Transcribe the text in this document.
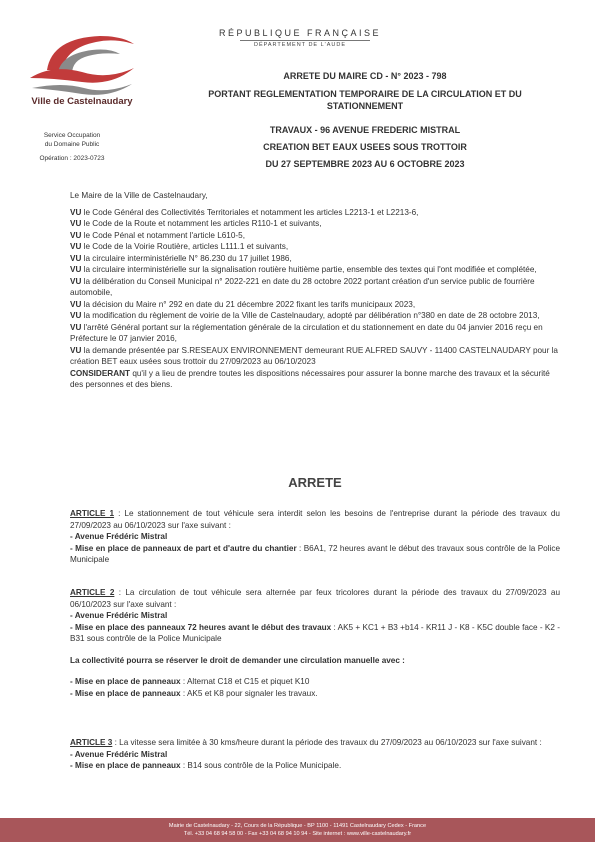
Ville de Castelnaudary
Service Occupation
du Domaine Public
Opération : 2023-0723
RÉPUBLIQUE FRANÇAISE
DÉPARTEMENT DE L'AUDE
ARRETE DU MAIRE CD - N° 2023 - 798
PORTANT REGLEMENTATION TEMPORAIRE DE LA CIRCULATION ET DU
STATIONNEMENT
TRAVAUX - 96 AVENUE FREDERIC MISTRAL
CREATION BET EAUX USEES SOUS TROTTOIR
DU 27 SEPTEMBRE 2023 AU 6 OCTOBRE 2023

Le Maire de la Ville de Castelnaudary,

VU le Code Général des Collectivités Territoriales et notamment les articles L2213-1 et L2213-6,

VU le Code de la Route et notamment les articles R110-1 et suivants,

VU le Code Pénal et notamment l'article L610-5,

VU le Code de la Voirie Routière, articles L111.1 et suivants,

VU la circulaire interministérielle N° 86.230 du 17 juillet 1986,

VU la circulaire interministérielle sur la signalisation routière huitième partie, ensemble des textes qui l'ont modifiée et complétée,

VU la délibération du Conseil Municipal n° 2022-221 en date du 28 octobre 2022 portant création d'un service public de fourrière automobile,

VU la décision du Maire n° 292 en date du 21 décembre 2022 fixant les tarifs municipaux 2023,

VU la modification du règlement de voirie de la Ville de Castelnaudary, adopté par délibération n°380 en date de 28 octobre 2013,

VU l'arrêté Général portant sur la réglementation générale de la circulation et du stationnement en date du 04 janvier 2016 reçu en Préfecture le 07 janvier 2016,

VU la demande présentée par S.RESEAUX ENVIRONNEMENT demeurant RUE ALFRED SAUVY - 11400 CASTELNAUDARY pour la création BET eaux usées sous trottoir du 27/09/2023 au 06/10/2023

CONSIDERANT qu'il y a lieu de prendre toutes les dispositions nécessaires pour assurer la bonne marche des travaux et la sécurité des personnes et des biens.

ARRETE

ARTICLE 1 : Le stationnement de tout véhicule sera interdit selon les besoins de l'entreprise durant la période des travaux du 27/09/2023 au 06/10/2023 sur l'axe suivant :

- Avenue Frédéric Mistral

- Mise en place de panneaux de part et d'autre du chantier : B6A1, 72 heures avant le début des travaux sous contrôle de la Police Municipale

ARTICLE 2 : La circulation de tout véhicule sera alternée par feux tricolores durant la période des travaux du 27/09/2023 au 06/10/2023 sur l'axe suivant :

- Avenue Frédéric Mistral

- Mise en place des panneaux 72 heures avant le début des travaux : AK5 + KC1 + B3 +b14 - KR11 J - K8 - K5C double face - K2 - B31 sous contrôle de la Police Municipale

La collectivité pourra se réserver le droit de demander une circulation manuelle avec :

- Mise en place de panneaux : Alternat C18 et C15 et piquet K10

- Mise en place de panneaux : AK5 et K8 pour signaler les travaux.

ARTICLE 3 : La vitesse sera limitée à 30 kms/heure durant la période des travaux du 27/09/2023 au 06/10/2023 sur l'axe suivant :

- Avenue Frédéric Mistral

- Mise en place de panneaux : B14 sous contrôle de la Police Municipale.

Mairie de Castelnaudary - 22, Cours de la République - BP 1100 - 11491 Castelnaudary Cedex - France
Tél. +33 04 68 94 58 00 - Fax +33 04 68 94 10 94 - Site internet : www.ville-castelnaudary.fr
